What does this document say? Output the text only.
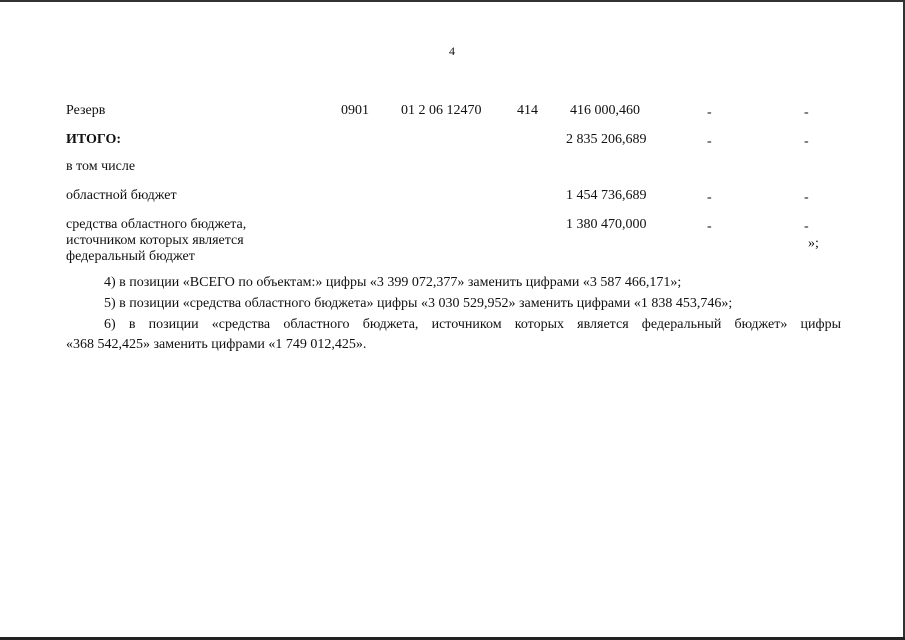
4
Резерв	0901 01 2 06 12470	414 416 000,460	-	-
ИТОГО:	2 835 206,689	-	-
в том числе
областной бюджет	1 454 736,689	-	-
средства областного бюджета,
источником которых является
федеральный бюджет
1 380 470,000	-	-
»;
4) в позиции «ВСЕГО по объектам:» цифры «3 399 072,377» заменить цифрами «3 587 466,171»;
5) в позиции «средства областного бюджета» цифры «3 030 529,952» заменить цифрами «1 838 453,746»;
6) в позиции «средства областного бюджета, источником которых является федеральный бюджет» цифры
«368 542,425» заменить цифрами «1 749 012,425».
